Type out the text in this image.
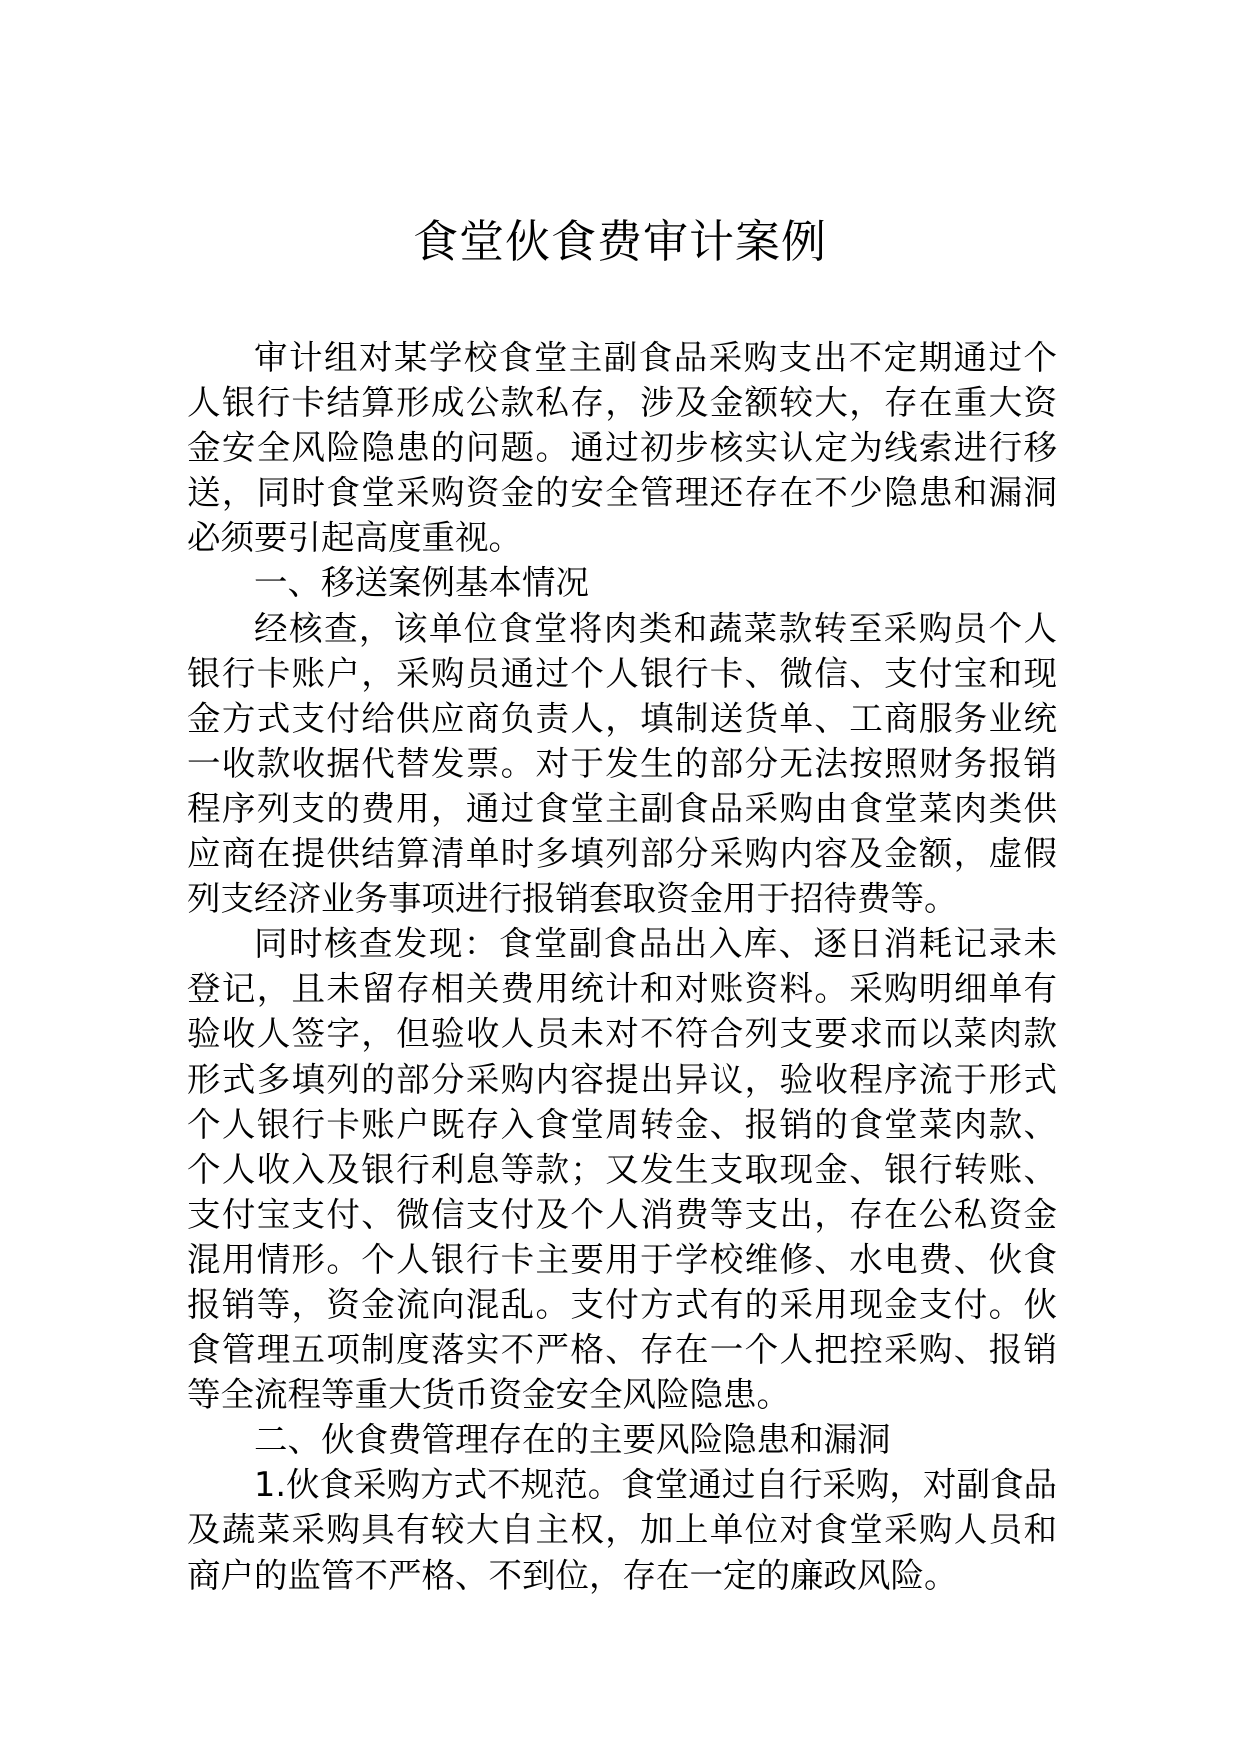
食堂伙食费审计案例

审计组对某学校食堂主副食品采购支出不定期通过个人银行卡结算形成公款私存，涉及金额较大，存在重大资金安全风险隐患的问题。通过初步核实认定为线索进行移送，同时食堂采购资金的安全管理还存在不少隐患和漏洞必须要引起高度重视。

一、移送案例基本情况

经核查，该单位食堂将肉类和蔬菜款转至采购员个人银行卡账户，采购员通过个人银行卡、微信、支付宝和现金方式支付给供应商负责人，填制送货单、工商服务业统一收款收据代替发票。对于发生的部分无法按照财务报销程序列支的费用，通过食堂主副食品采购由食堂菜肉类供应商在提供结算清单时多填列部分采购内容及金额，虚假列支经济业务事项进行报销套取资金用于招待费等。

同时核查发现：食堂副食品出入库、逐日消耗记录未登记，且未留存相关费用统计和对账资料。采购明细单有验收人签字，但验收人员未对不符合列支要求而以菜肉款形式多填列的部分采购内容提出异议，验收程序流于形式个人银行卡账户既存入食堂周转金、报销的食堂菜肉款、个人收入及银行利息等款；又发生支取现金、银行转账、支付宝支付、微信支付及个人消费等支出，存在公私资金混用情形。个人银行卡主要用于学校维修、水电费、伙食报销等，资金流向混乱。支付方式有的采用现金支付。伙食管理五项制度落实不严格、存在一个人把控采购、报销等全流程等重大货币资金安全风险隐患。

二、伙食费管理存在的主要风险隐患和漏洞

1.伙食采购方式不规范。食堂通过自行采购，对副食品及蔬菜采购具有较大自主权，加上单位对食堂采购人员和商户的监管不严格、不到位，存在一定的廉政风险。
